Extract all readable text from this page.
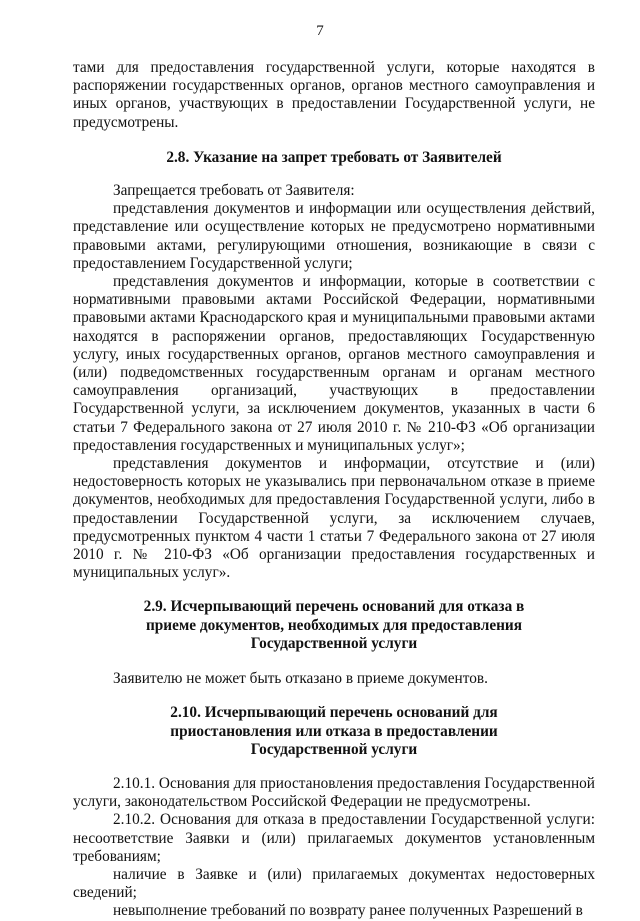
7

тами для предоставления государственной услуги, которые находятся в распоряжении государственных органов, органов местного самоуправления и иных органов, участвующих в предоставлении Государственной услуги, не предусмотрены.

2.8. Указание на запрет требовать от Заявителей

Запрещается требовать от Заявителя:

представления документов и информации или осуществления действий, представление или осуществление которых не предусмотрено нормативными правовыми актами, регулирующими отношения, возникающие в связи с предоставлением Государственной услуги;

представления документов и информации, которые в соответствии с нормативными правовыми актами Российской Федерации, нормативными правовыми актами Краснодарского края и муниципальными правовыми актами находятся в распоряжении органов, предоставляющих Государственную услугу, иных государственных органов, органов местного самоуправления и (или) подведомственных государственным органам и органам местного самоуправления организаций, участвующих в предоставлении Государственной услуги, за исключением документов, указанных в части 6 статьи 7 Федерального закона от 27 июля 2010 г. № 210-ФЗ «Об организации предоставления государственных и муниципальных услуг»;

представления документов и информации, отсутствие и (или) недостоверность которых не указывались при первоначальном отказе в приеме документов, необходимых для предоставления Государственной услуги, либо в предоставлении Государственной услуги, за исключением случаев, предусмотренных пунктом 4 части 1 статьи 7 Федерального закона от 27 июля 2010 г. № 210-ФЗ «Об организации предоставления государственных и муниципальных услуг».

2.9. Исчерпывающий перечень оснований для отказа в
приеме документов, необходимых для предоставления
Государственной услуги

Заявителю не может быть отказано в приеме документов.

2.10. Исчерпывающий перечень оснований для
приостановления или отказа в предоставлении
Государственной услуги

2.10.1. Основания для приостановления предоставления Государственной услуги, законодательством Российской Федерации не предусмотрены.

2.10.2. Основания для отказа в предоставлении Государственной услуги: несоответствие Заявки и (или) прилагаемых документов установленным требованиям;

наличие в Заявке и (или) прилагаемых документах недостоверных сведений;

невыполнение требований по возврату ранее полученных Разрешений в
